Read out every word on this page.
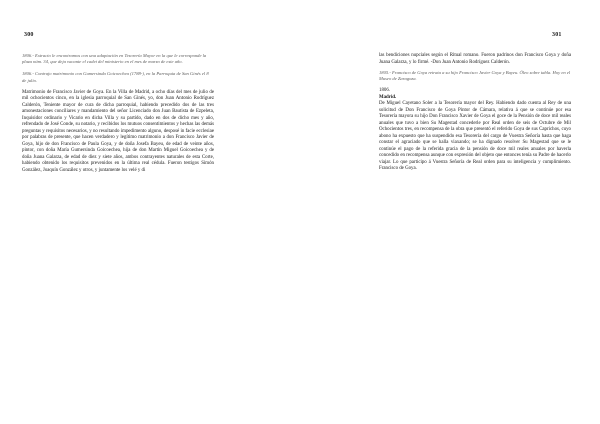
300

1806.- Extracto le encontramos con una adaptación en Tesorería Mayor en la que le corresponde la plaza núm. 34, que deja vacante el cadet del ministerio en el mes de marzo de este año.

1806.- Contrajo matrimonio con Gumersinda Goicoechea (1788-), en la Parroquia de San Ginés el 8 de julio.

Matrimonio de Francisco Javier de Goya. En la Villa de Madrid, a ocho días del mes de julio de mil ochocientos cinco, en la iglesia parroquial de San Ginés, yo, don Juan Antonio Rodríguez Calderón, Teniente mayor de cura de dicha parroquial, habiendo precedido dos de las tres amonestaciones conciliares y mandamiento del señor Licenciado don Juan Bautista de Ezpeleta, Inquisidor ordinario y Vicario en dicha Villa y su partido, dado en dos de dicho mes y año, refrendado de José Conde, su notario, y recibidos los mutuos consentimientos y hechas las demás preguntas y requisitos necesarios, y no resultando impedimento alguno, desposé in facie ecclesiae por palabras de presente, que hacen verdadero y legítimo matrimonio a don Francisco Javier de Goya, hijo de don Francisco de Paula Goya, y de doña Josefa Bayeu, de edad de veinte años, pintor, con doña María Gumersinda Goicoechea, hija de don Martín Miguel Goicoechea y de doña Juana Galarza, de edad de diez y siete años, ambos contrayentes naturales de esta Corte, habiendo obtenido los requisitos prevenidos en la última real cédula. Fueron testigos Simón González, Joaquín González y otros, y juntamente los velé y di

301

las bendiciones nupciales según el Ritual romano. Fueron padrinos don Francisco Goya y doña Juana Galarza, y lo firmé. -Don Juan Antonio Rodríguez Calderón.

1805.- Francisco de Goya retrata a su hijo Francisco Javier Goya y Bayeu. Óleo sobre tabla. Hoy en el Museo de Zaragoza.

1806.

Madrid.

De Miguel Cayetano Soler a la Tesorería mayor del Rey. Habiendo dado cuenta al Rey de una solicitud de Don Francisco de Goya Pintor de Cámara, relativa á que se continúe por esa Tesorería mayora su hijo Don Francisco Xavier de Goya el goce de la Pensión de doce mil reales anuales que tuvo a bien Su Magestad concederle por Real orden de seis de Octubre de Mil Ochocientos tres, en recompensa de la obra que presentó el referido Goya de sus Caprichos, cuyo abono ha expuesto que ha suspendido esa Tesorería del cargo de Vuestra Señoría hasta que haga constar el agraciado que se halla viaxando; se ha dignado resolver Su Magestad que se le continúe el pago de la referida gracia de la pensión de doce mil reales anuales por haverla concedido en recompensa aunque con expresión del objeto que entonces tenía su Padre de hacerlo viajar. Lo que participo á Vuestra Señoría de Real orden para su inteligencia y cumplimiento. Francisco de Goya.
